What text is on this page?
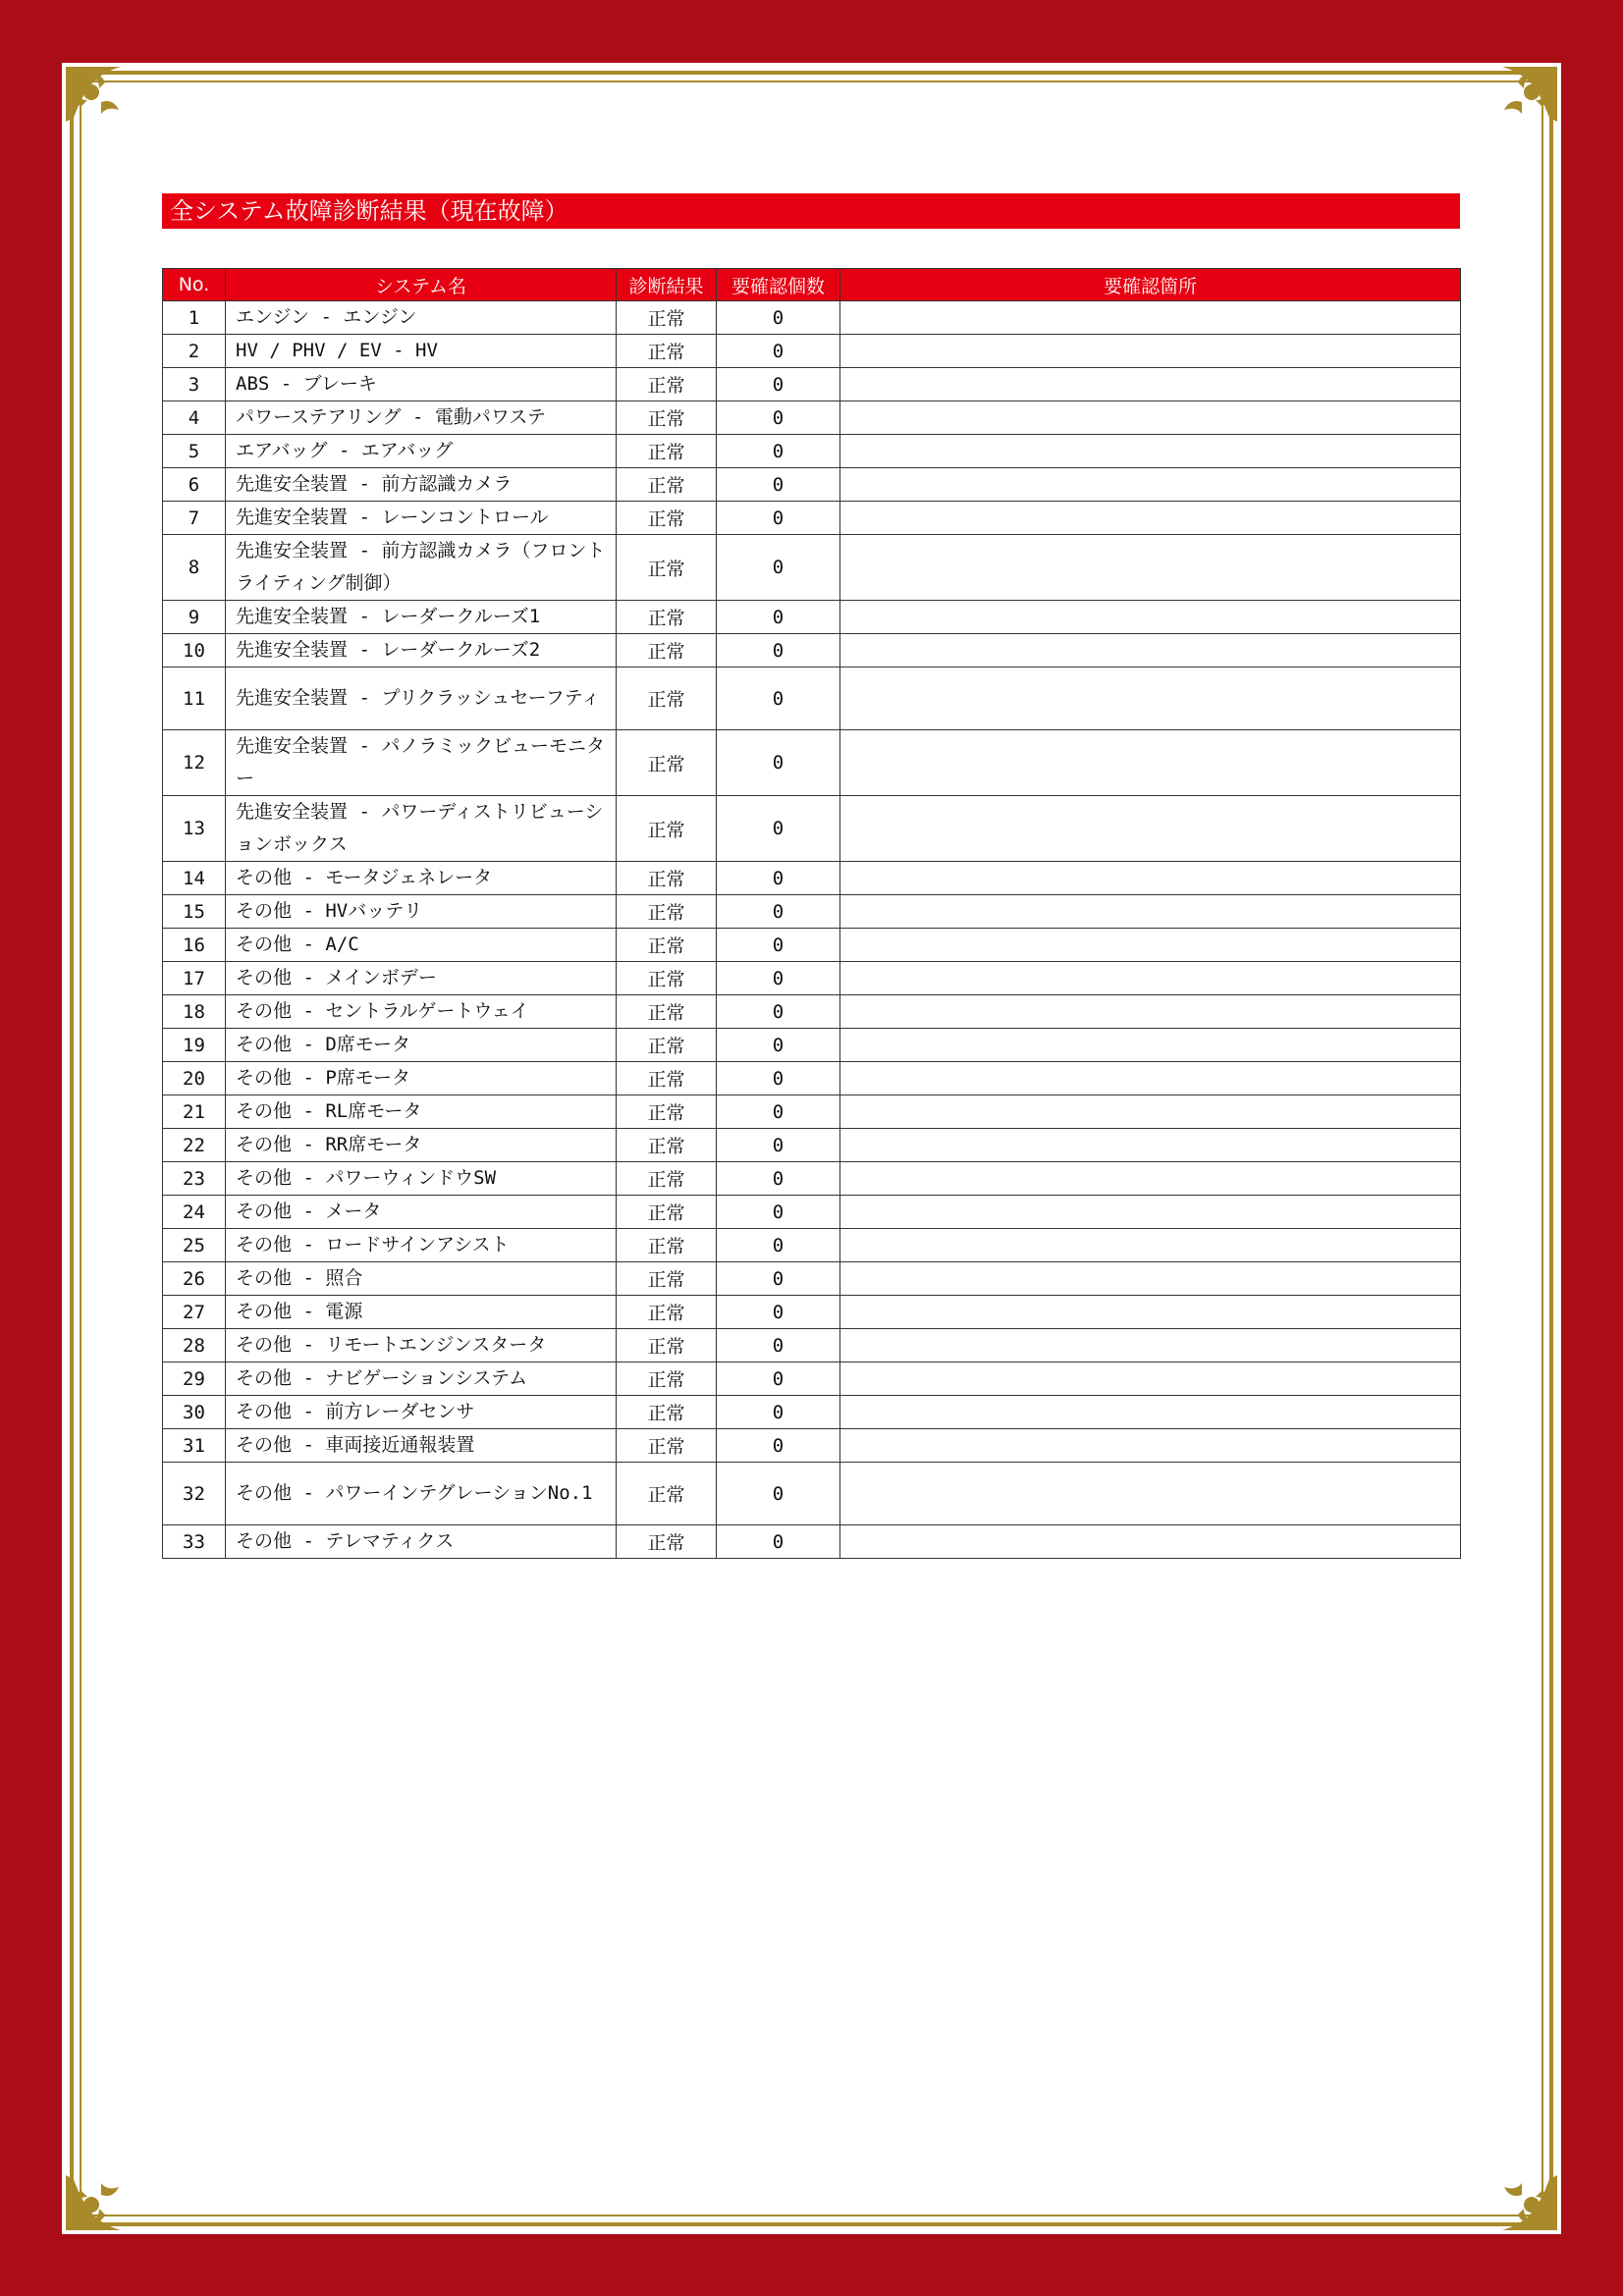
全システム故障診断結果（現在故障）
No.	システム名	診断結果	要確認個数	要確認箇所
1	エンジン - エンジン	正常	0	
2	HV / PHV / EV - HV	正常	0	
3	ABS - ブレーキ	正常	0	
4	パワーステアリング - 電動パワステ	正常	0	
5	エアバッグ - エアバッグ	正常	0	
6	先進安全装置 - 前方認識カメラ	正常	0	
7	先進安全装置 - レーンコントロール	正常	0	
8	先進安全装置 - 前方認識カメラ（フロントライティング制御）	正常	0	
9	先進安全装置 - レーダークルーズ1	正常	0	
10	先進安全装置 - レーダークルーズ2	正常	0	
11	先進安全装置 - プリクラッシュセーフティ	正常	0	
12	先進安全装置 - パノラミックビューモニター	正常	0	
13	先進安全装置 - パワーディストリビューションボックス	正常	0	
14	その他 - モータジェネレータ	正常	0	
15	その他 - HVバッテリ	正常	0	
16	その他 - A/C	正常	0	
17	その他 - メインボデー	正常	0	
18	その他 - セントラルゲートウェイ	正常	0	
19	その他 - D席モータ	正常	0	
20	その他 - P席モータ	正常	0	
21	その他 - RL席モータ	正常	0	
22	その他 - RR席モータ	正常	0	
23	その他 - パワーウィンドウSW	正常	0	
24	その他 - メータ	正常	0	
25	その他 - ロードサインアシスト	正常	0	
26	その他 - 照合	正常	0	
27	その他 - 電源	正常	0	
28	その他 - リモートエンジンスタータ	正常	0	
29	その他 - ナビゲーションシステム	正常	0	
30	その他 - 前方レーダセンサ	正常	0	
31	その他 - 車両接近通報装置	正常	0	
32	その他 - パワーインテグレーションNo.1	正常	0	
33	その他 - テレマティクス	正常	0	
